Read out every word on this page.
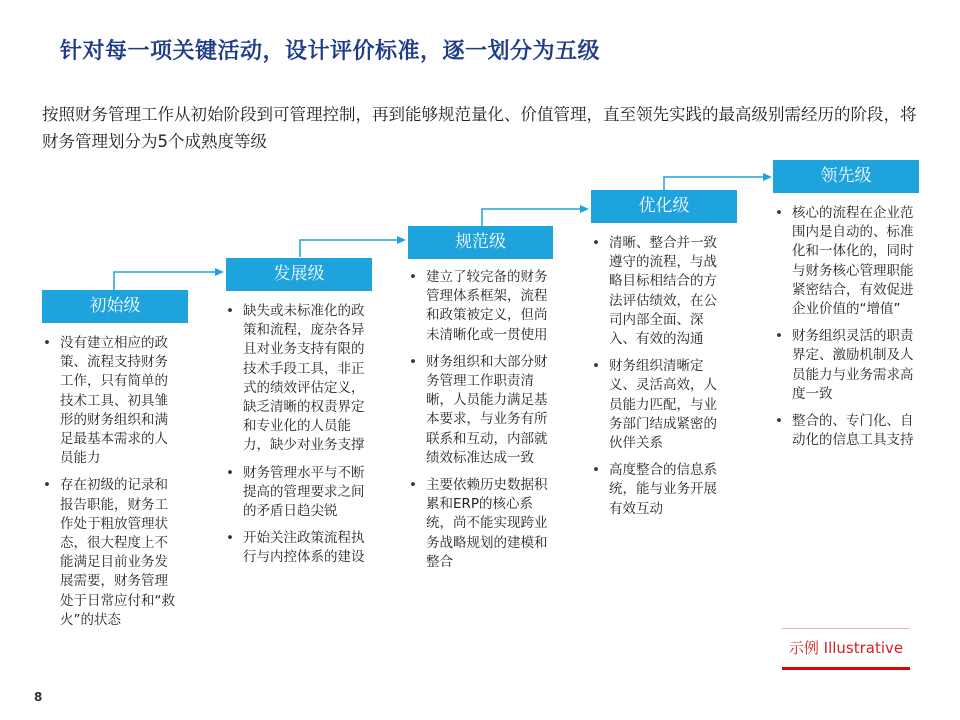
针对每一项关键活动，设计评价标准，逐一划分为五级
按照财务管理工作从初始阶段到可管理控制，再到能够规范量化、价值管理，直至领先实践的最高级别需经历的阶段，将财务管理划分为5个成熟度等级
初始级
发展级
规范级
优化级
领先级
• 没有建立相应的政策、流程支持财务工作，只有简单的技术工具、初具雏形的财务组织和满足最基本需求的人员能力
• 存在初级的记录和报告职能，财务工作处于粗放管理状态，很大程度上不能满足目前业务发展需要，财务管理处于日常应付和“救火”的状态
• 缺失或未标准化的政策和流程，庞杂各异且对业务支持有限的技术手段工具，非正式的绩效评估定义，缺乏清晰的权责界定和专业化的人员能力，缺少对业务支撑
• 财务管理水平与不断提高的管理要求之间的矛盾日趋尖锐
• 开始关注政策流程执行与内控体系的建设
• 建立了较完备的财务管理体系框架，流程和政策被定义，但尚未清晰化或一贯使用
• 财务组织和大部分财务管理工作职责清晰，人员能力满足基本要求，与业务有所联系和互动，内部就绩效标准达成一致
• 主要依赖历史数据积累和ERP的核心系统，尚不能实现跨业务战略规划的建模和整合
• 清晰、整合并一致遵守的流程，与战略目标相结合的方法评估绩效，在公司内部全面、深入、有效的沟通
• 财务组织清晰定义、灵活高效，人员能力匹配，与业务部门结成紧密的伙伴关系
• 高度整合的信息系统，能与业务开展有效互动
• 核心的流程在企业范围内是自动的、标准化和一体化的，同时与财务核心管理职能紧密结合，有效促进企业价值的“增值”
• 财务组织灵活的职责界定、激励机制及人员能力与业务需求高度一致
• 整合的、专门化、自动化的信息工具支持
示例 Illustrative
8
